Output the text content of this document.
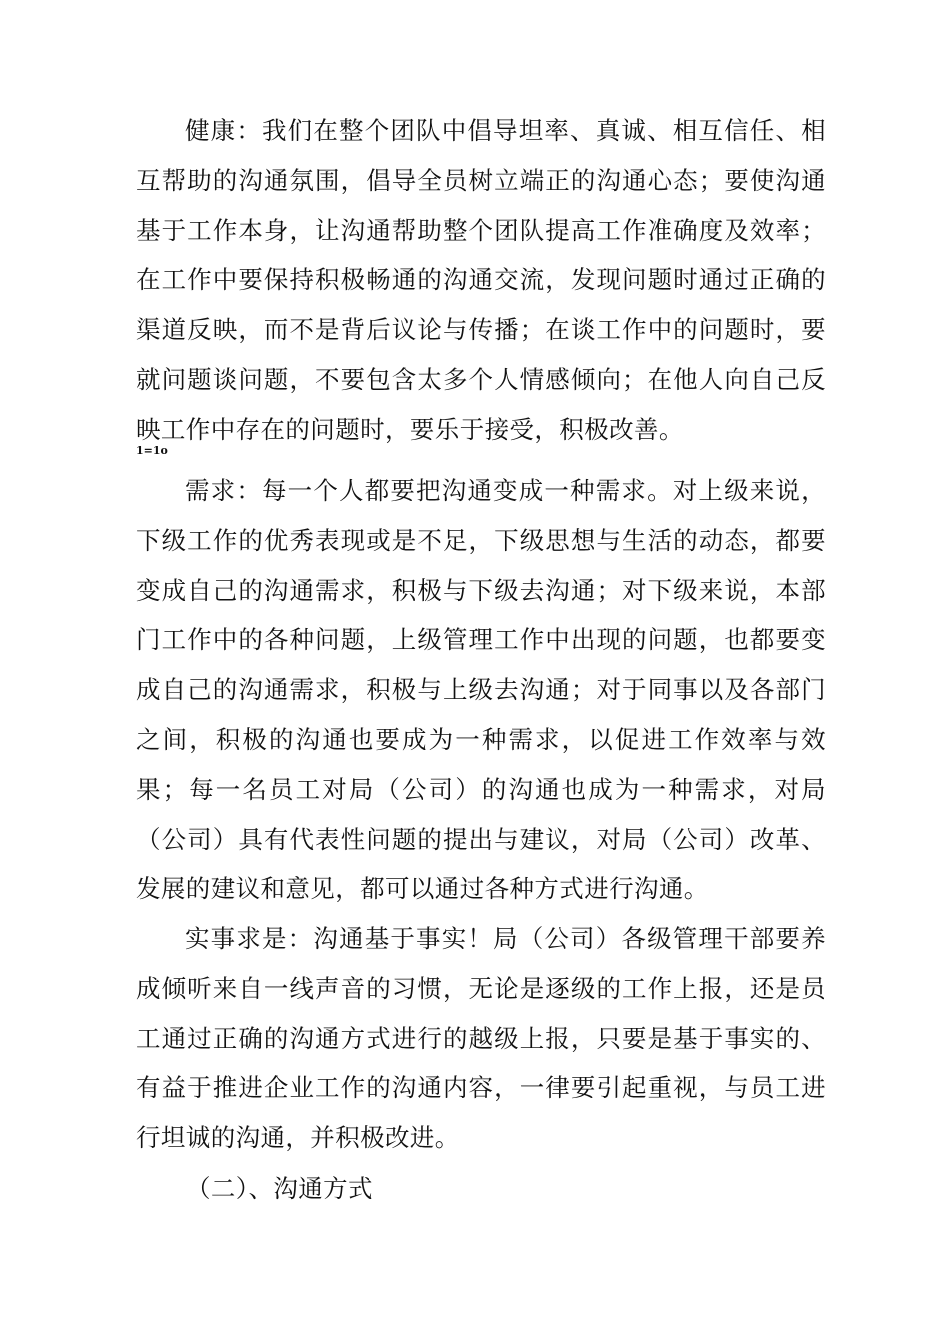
健康：我们在整个团队中倡导坦率、真诚、相互信任、相互帮助的沟通氛围，倡导全员树立端正的沟通心态；要使沟通基于工作本身，让沟通帮助整个团队提高工作准确度及效率；在工作中要保持积极畅通的沟通交流，发现问题时通过正确的渠道反映，而不是背后议论与传播；在谈工作中的问题时，要就问题谈问题，不要包含太多个人情感倾向；在他人向自己反映工作中存在的问题时，要乐于接受，积极改善。

1=1o

需求：每一个人都要把沟通变成一种需求。对上级来说，下级工作的优秀表现或是不足，下级思想与生活的动态，都要变成自己的沟通需求，积极与下级去沟通；对下级来说，本部门工作中的各种问题，上级管理工作中出现的问题，也都要变成自己的沟通需求，积极与上级去沟通；对于同事以及各部门之间，积极的沟通也要成为一种需求，以促进工作效率与效果；每一名员工对局（公司）的沟通也成为一种需求，对局（公司）具有代表性问题的提出与建议，对局（公司）改革、发展的建议和意见，都可以通过各种方式进行沟通。

实事求是：沟通基于事实！局（公司）各级管理干部要养成倾听来自一线声音的习惯，无论是逐级的工作上报，还是员工通过正确的沟通方式进行的越级上报，只要是基于事实的、有益于推进企业工作的沟通内容，一律要引起重视，与员工进行坦诚的沟通，并积极改进。

（二）、沟通方式
